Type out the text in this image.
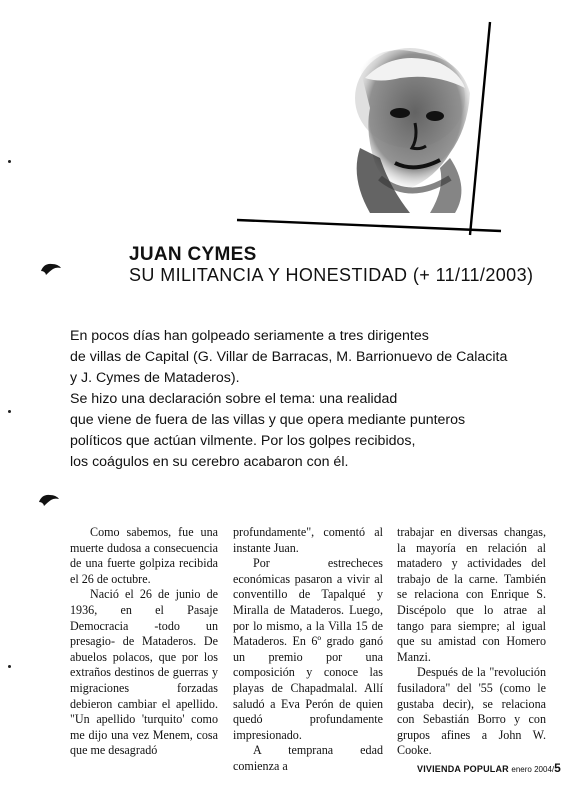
JUAN CYMES
SU MILITANCIA Y HONESTIDAD (+ 11/11/2003)

En pocos días han golpeado seriamente a tres dirigentes

de villas de Capital (G. Villar de Barracas, M. Barrionuevo de Calacita

y J. Cymes de Mataderos).

Se hizo una declaración sobre el tema: una realidad

que viene de fuera de las villas y que opera mediante punteros

políticos que actúan vilmente. Por los golpes recibidos,

los coágulos en su cerebro acabaron con él.

Como sabemos, fue una muerte dudosa a consecuencia de una fuerte golpiza recibida el 26 de octubre.

Nació el 26 de junio de 1936, en el Pasaje Democracia -todo un presagio- de Mataderos. De abuelos polacos, que por los extraños destinos de guerras y migraciones forzadas debieron cambiar el apellido. "Un apellido 'turquito' como me dijo una vez Menem, cosa que me desagradó

profundamente", comentó al instante Juan.

Por estrecheces económicas pasaron a vivir al conventillo de Tapalqué y Miralla de Mataderos. Luego, por lo mismo, a la Villa 15 de Mataderos. En 6º grado ganó un premio por una composición y conoce las playas de Chapadmalal. Allí saludó a Eva Perón de quien quedó profundamente impresionado.

A temprana edad comienza a

trabajar en diversas changas, la mayoría en relación al matadero y actividades del trabajo de la carne. También se relaciona con Enrique S. Discépolo que lo atrae al tango para siempre; al igual que su amistad con Homero Manzi.

Después de la "revolución fusiladora" del '55 (como le gustaba decir), se relaciona con Sebastián Borro y con grupos afines a John W. Cooke.

VIVIENDA POPULAR enero 2004/5
